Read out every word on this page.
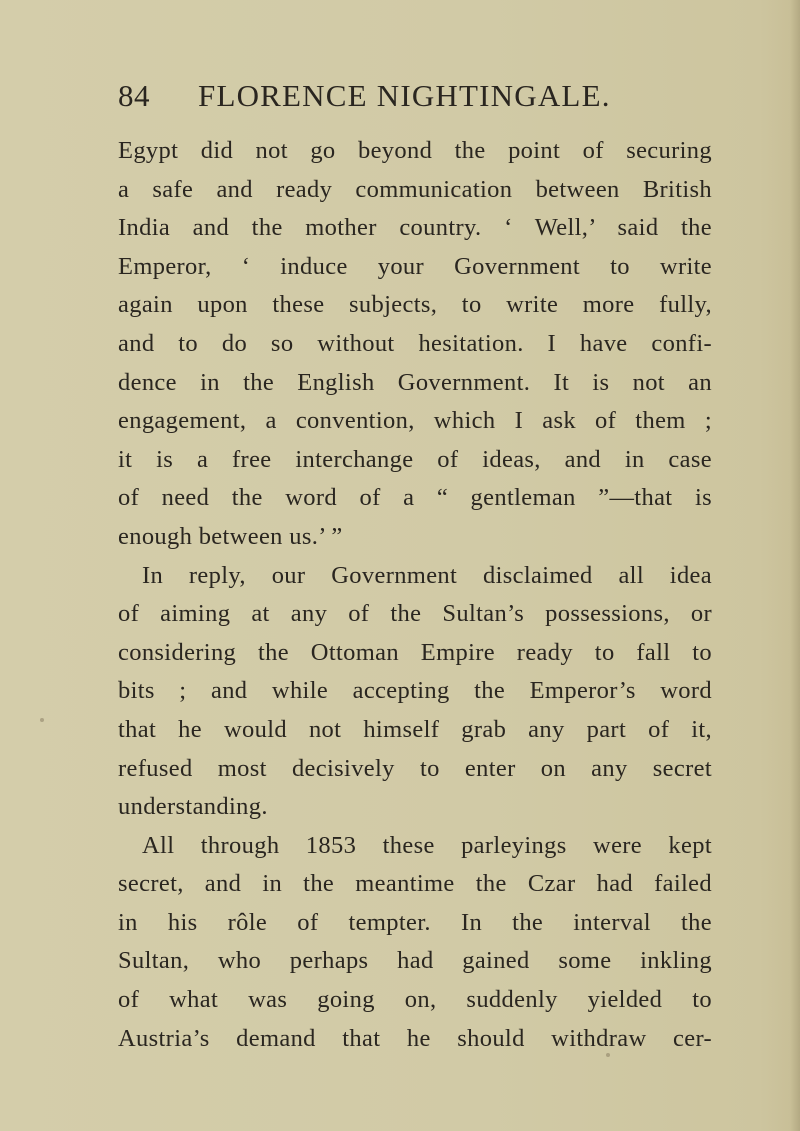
84 FLORENCE NIGHTINGALE.
Egypt did not go beyond the point of securing
a safe and ready communication between British
India and the mother country. ‘ Well,’ said the
Emperor, ‘ induce your Government to write
again upon these subjects, to write more fully,
and to do so without hesitation. I have confi-
dence in the English Government. It is not an
engagement, a convention, which I ask of them ;
it is a free interchange of ideas, and in case
of need the word of a “ gentleman ”—that is
enough between us.’ ”
In reply, our Government disclaimed all idea
of aiming at any of the Sultan’s possessions, or
considering the Ottoman Empire ready to fall to
bits ; and while accepting the Emperor’s word
that he would not himself grab any part of it,
refused most decisively to enter on any secret
understanding.
All through 1853 these parleyings were kept
secret, and in the meantime the Czar had failed
in his rôle of tempter. In the interval the
Sultan, who perhaps had gained some inkling
of what was going on, suddenly yielded to
Austria’s demand that he should withdraw cer-
